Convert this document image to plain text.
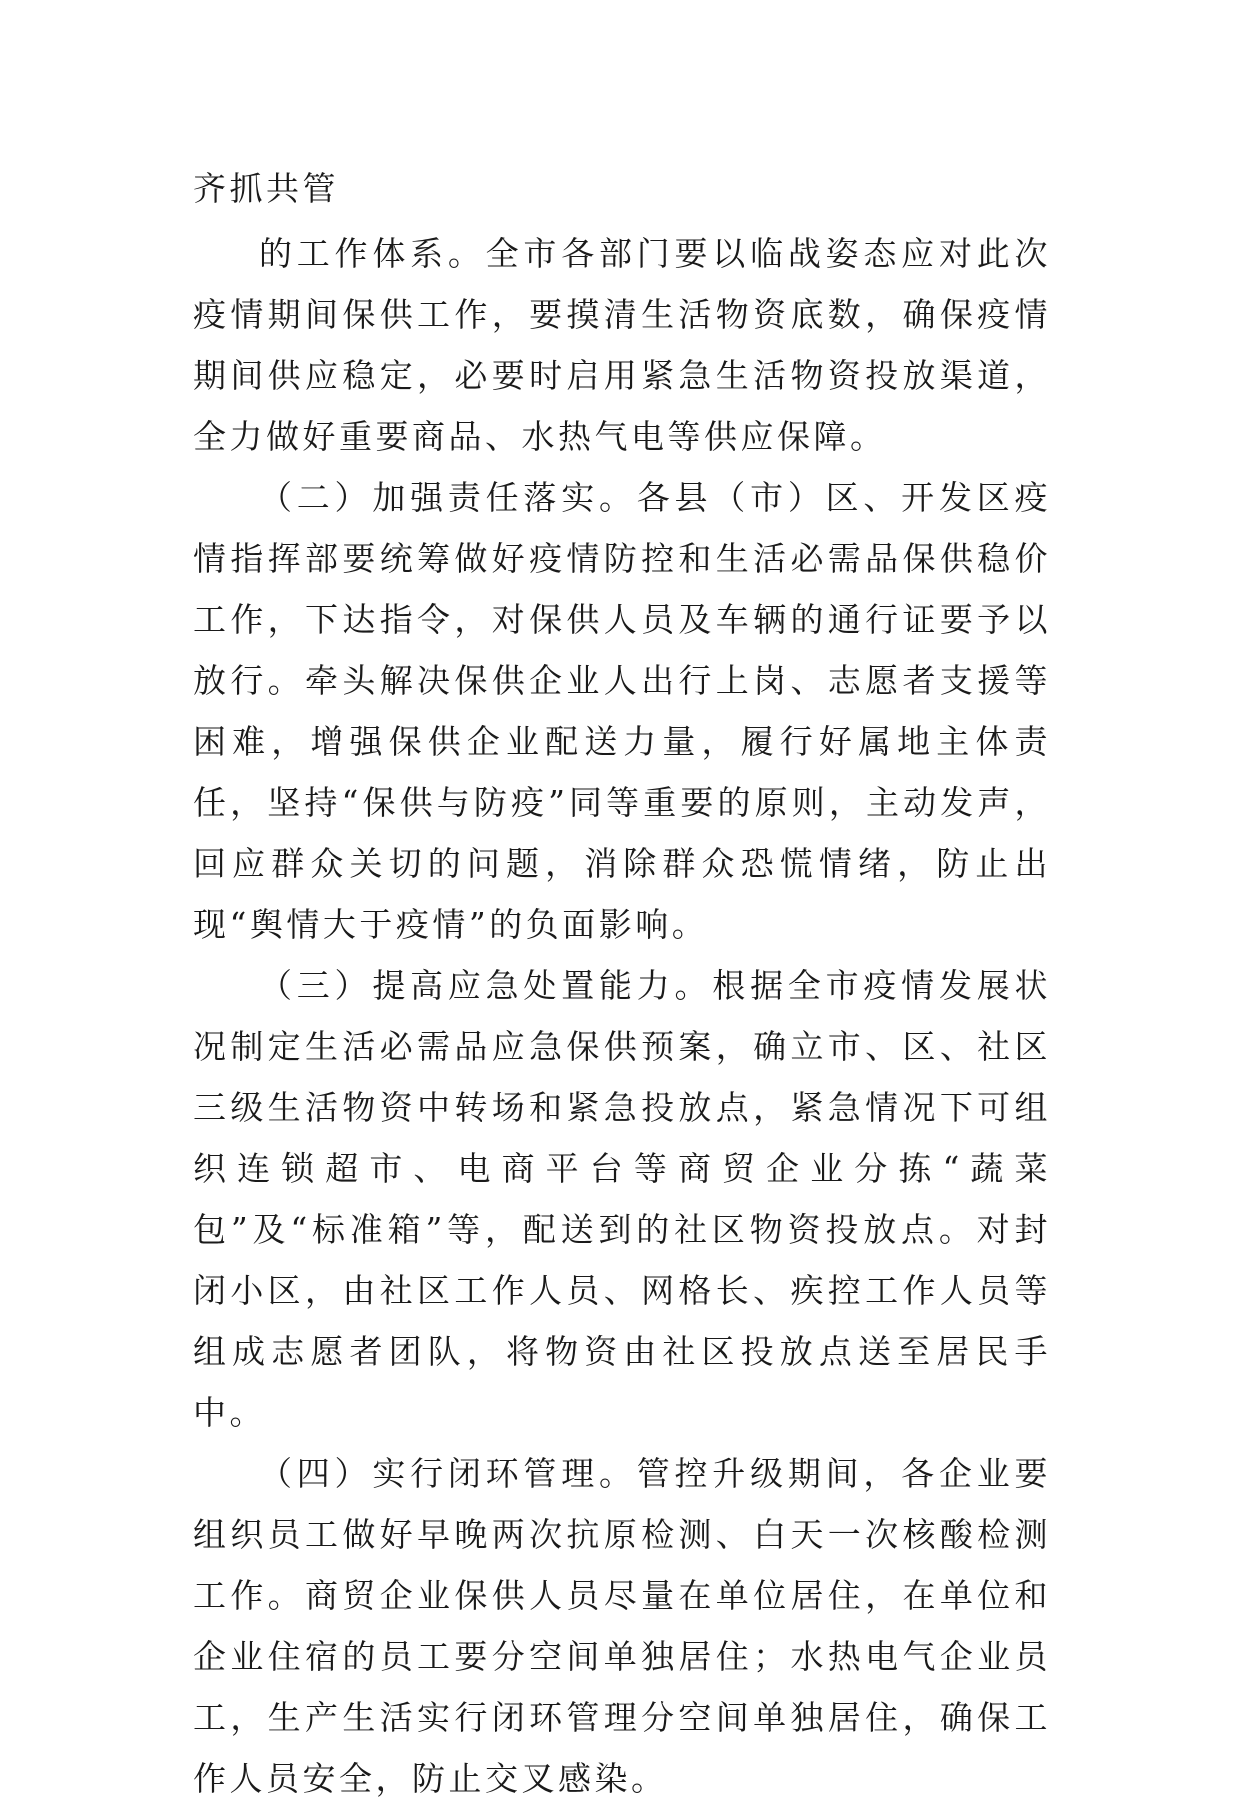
齐抓共管

的工作体系。全市各部门要以临战姿态应对此次疫情期间保供工作，要摸清生活物资底数，确保疫情期间供应稳定，必要时启用紧急生活物资投放渠道，全力做好重要商品、水热气电等供应保障。

（二）加强责任落实。各县（市）区、开发区疫情指挥部要统筹做好疫情防控和生活必需品保供稳价工作，下达指令，对保供人员及车辆的通行证要予以放行。牵头解决保供企业人出行上岗、志愿者支援等困难，增强保供企业配送力量，履行好属地主体责任，坚持“保供与防疫”同等重要的原则，主动发声，回应群众关切的问题，消除群众恐慌情绪，防止出现“舆情大于疫情”的负面影响。

（三）提高应急处置能力。根据全市疫情发展状况制定生活必需品应急保供预案，确立市、区、社区三级生活物资中转场和紧急投放点，紧急情况下可组织连锁超市、电商平台等商贸企业分拣“蔬菜包”及“标准箱”等，配送到的社区物资投放点。对封闭小区，由社区工作人员、网格长、疾控工作人员等组成志愿者团队，将物资由社区投放点送至居民手中。

（四）实行闭环管理。管控升级期间，各企业要组织员工做好早晚两次抗原检测、白天一次核酸检测工作。商贸企业保供人员尽量在单位居住，在单位和企业住宿的员工要分空间单独居住；水热电气企业员工，生产生活实行闭环管理分空间单独居住，确保工作人员安全，防止交叉感染。
